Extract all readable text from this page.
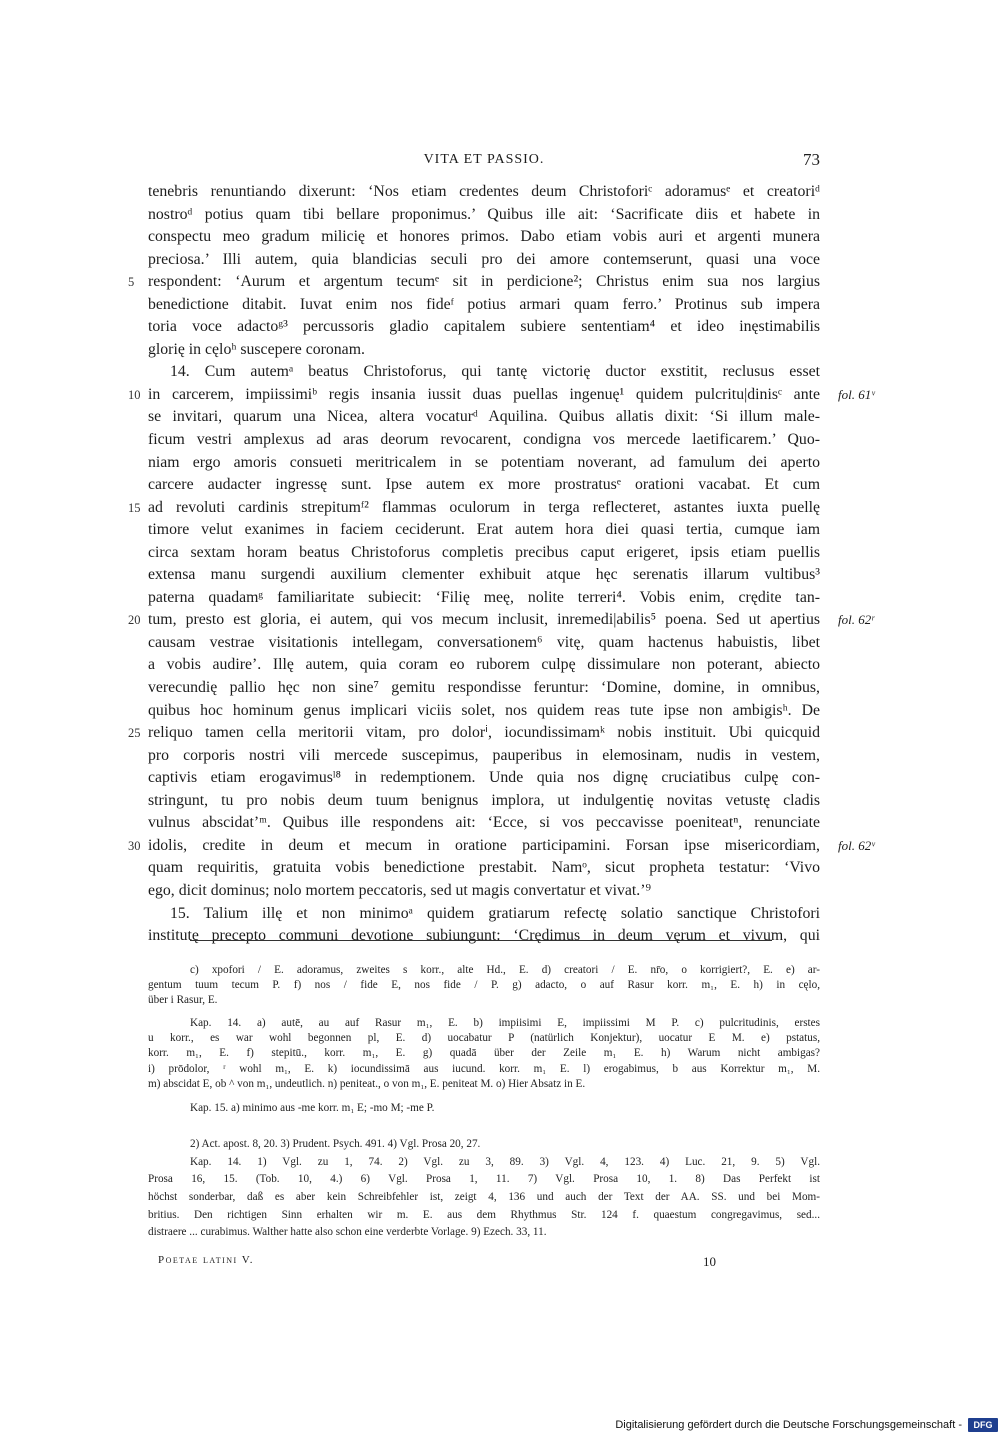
VITA ET PASSIO.	73
tenebris renuntiando dixerunt: ‘Nos etiam credentes deum Christoforiᶜ adoramusᵉ et creatoriᵈ
nostroᵈ potius quam tibi bellare proponimus.’ Quibus ille ait: ‘Sacrificate diis et habete in
conspectu meo gradum milicię et honores primos. Dabo etiam vobis auri et argenti munera
preciosa.’ Illi autem, quia blandicias seculi pro dei amore contemserunt, quasi una voce
respondent: ‘Aurum et argentum tecumᵉ sit in perdicione²; Christus enim sua nos largius
5
benedictione ditabit. Iuvat enim nos fideᶠ potius armari quam ferro.’ Protinus sub impera
toria voce adactoᵍ³ percussoris gladio capitalem subiere sententiam⁴ et ideo inęstimabilis
glorię in cęloʰ suscepere coronam.
14. Cum autemᵃ beatus Christoforus, qui tantę victorię ductor exstitit, reclusus esset
in carcerem, impiissimiᵇ regis insania iussit duas puellas ingenuę¹ quidem pulcritu|dinisᶜ ante
10	fol. 61ᵛ
se invitari, quarum una Nicea, altera vocaturᵈ Aquilina. Quibus allatis dixit: ‘Si illum male-
ficum vestri amplexus ad aras deorum revocarent, condigna vos mercede laetificarem.’ Quo-
niam ergo amoris consueti meritricalem in se potentiam noverant, ad famulum dei aperto
carcere audacter ingressę sunt. Ipse autem ex more prostratusᵉ orationi vacabat. Et cum
ad revoluti cardinis strepitumᶠ² flammas oculorum in terga reflecteret, astantes iuxta puellę
15
timore velut exanimes in faciem ceciderunt. Erat autem hora diei quasi tertia, cumque iam
circa sextam horam beatus Christoforus completis precibus caput erigeret, ipsis etiam puellis
extensa manu surgendi auxilium clementer exhibuit atque hęc serenatis illarum vultibus³
paterna quadamᵍ familiaritate subiecit: ‘Filię meę, nolite terreri⁴. Vobis enim, crędite tan-
tum, presto est gloria, ei autem, qui vos mecum inclusit, inremedi|abilis⁵ poena. Sed ut apertius
20	fol. 62ʳ
causam vestrae visitationis intellegam, conversationem⁶ vitę, quam hactenus habuistis, libet
a vobis audire’. Illę autem, quia coram eo ruborem culpę dissimulare non poterant, abiecto
verecundię pallio hęc non sine⁷ gemitu respondisse feruntur: ‘Domine, domine, in omnibus,
quibus hoc hominum genus implicari viciis solet, nos quidem reas tute ipse non ambigisʰ. De
reliquo tamen cella meritorii vitam, pro dolorⁱ, iocundissimamᵏ nobis instituit. Ubi quicquid
25
pro corporis nostri vili mercede suscepimus, pauperibus in elemosinam, nudis in vestem,
captivis etiam erogavimusˡ⁸ in redemptionem. Unde quia nos dignę cruciatibus culpę con-
stringunt, tu pro nobis deum tuum benignus implora, ut indulgentię novitas vetustę cladis
vulnus abscidat’ᵐ. Quibus ille respondens ait: ‘Ecce, si vos peccavisse poeniteatⁿ, renunciate
idolis, credite in deum et mecum in oratione participamini. Forsan ipse misericordiam,
30	fol. 62ᵛ
quam requiritis, gratuita vobis benedictione prestabit. Namᵒ, sicut propheta testatur: ‘Vivo
ego, dicit dominus; nolo mortem peccatoris, sed ut magis convertatur et vivat.’⁹
15. Talium illę et non minimoᵃ quidem gratiarum refectę solatio sanctique Christofori
institutę precepto communi devotione subiungunt: ‘Crędimus in deum vęrum et vivum, qui
c) xpofori / E. adoramus, zweites s korr., alte Hd., E. d) creatori / E. nr̄o, o korrigiert?, E. e) ar-
gentum tuum tecum P. f) nos / fide E, nos fide / P. g) adacto, o auf Rasur korr. m₁, E. h) in cęlo,
über i Rasur, E.
Kap. 14. a) autē, au auf Rasur m₁, E. b) impiisimi E, impiissimi M P. c) pulcritudinis, erstes
u korr., es war wohl begonnen pl, E. d) uocabatur P (natürlich Konjektur), uocatur E M. e) pstatus,
korr. m₁, E. f) stepitū., korr. m₁, E. g) quadā über der Zeile m₁ E. h) Warum nicht ambigas?
i) prōdolor, ʳ wohl m₁, E. k) iocundissimā aus iucund. korr. m₁ E. l) erogabimus, b aus Korrektur m₁, M.
m) abscidat E, ob ^ von m₁, undeutlich. n) peniteat., o von m₁, E. peniteat M. o) Hier Absatz in E.
Kap. 15. a) minimo aus -me korr. m₁ E; -mo M; -me P.
2) Act. apost. 8, 20. 3) Prudent. Psych. 491. 4) Vgl. Prosa 20, 27.
Kap. 14. 1) Vgl. zu 1, 74. 2) Vgl. zu 3, 89. 3) Vgl. 4, 123. 4) Luc. 21, 9. 5) Vgl.
Prosa 16, 15. (Tob. 10, 4.) 6) Vgl. Prosa 1, 11. 7) Vgl. Prosa 10, 1. 8) Das Perfekt ist
höchst sonderbar, daß es aber kein Schreibfehler ist, zeigt 4, 136 und auch der Text der AA. SS. und bei Mom-
britius. Den richtigen Sinn erhalten wir m. E. aus dem Rhythmus Str. 124 f. quaestum congregavimus, sed...
distraere ... curabimus. Walther hatte also schon eine verderbte Vorlage. 9) Ezech. 33, 11.
Poetae latini V.	10
Digitalisierung gefördert durch die Deutsche Forschungsgemeinschaft -	DFG
